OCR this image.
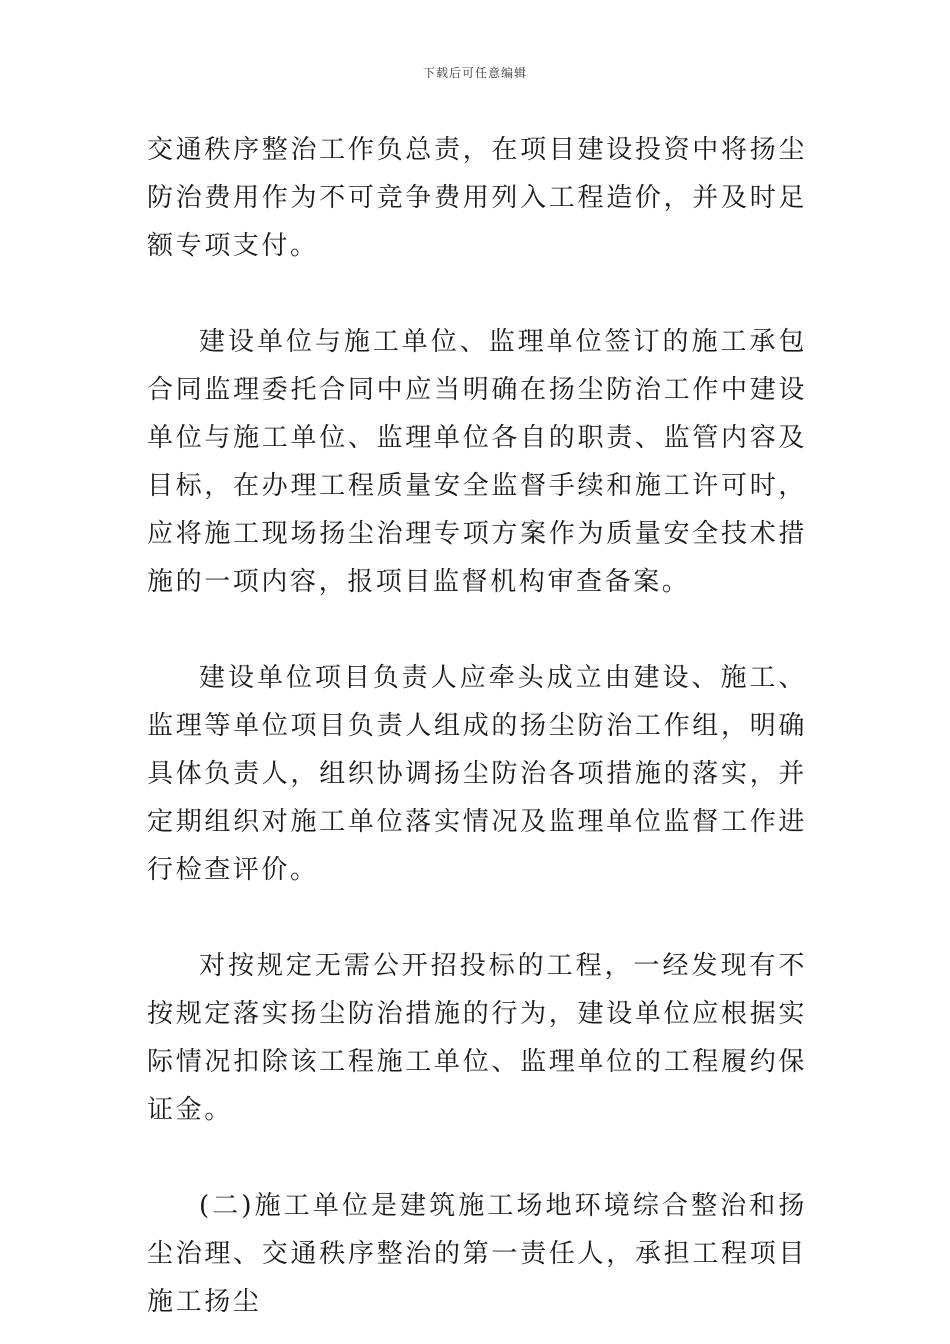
下载后可任意编辑

交通秩序整治工作负总责，在项目建设投资中将扬尘防治费用作为不可竞争费用列入工程造价，并及时足额专项支付。

建设单位与施工单位、监理单位签订的施工承包合同监理委托合同中应当明确在扬尘防治工作中建设单位与施工单位、监理单位各自的职责、监管内容及目标，在办理工程质量安全监督手续和施工许可时，应将施工现场扬尘治理专项方案作为质量安全技术措施的一项内容，报项目监督机构审查备案。

建设单位项目负责人应牵头成立由建设、施工、监理等单位项目负责人组成的扬尘防治工作组，明确具体负责人，组织协调扬尘防治各项措施的落实，并定期组织对施工单位落实情况及监理单位监督工作进行检查评价。

对按规定无需公开招投标的工程，一经发现有不按规定落实扬尘防治措施的行为，建设单位应根据实际情况扣除该工程施工单位、监理单位的工程履约保证金。

(二)施工单位是建筑施工场地环境综合整治和扬尘治理、交通秩序整治的第一责任人，承担工程项目施工扬尘
